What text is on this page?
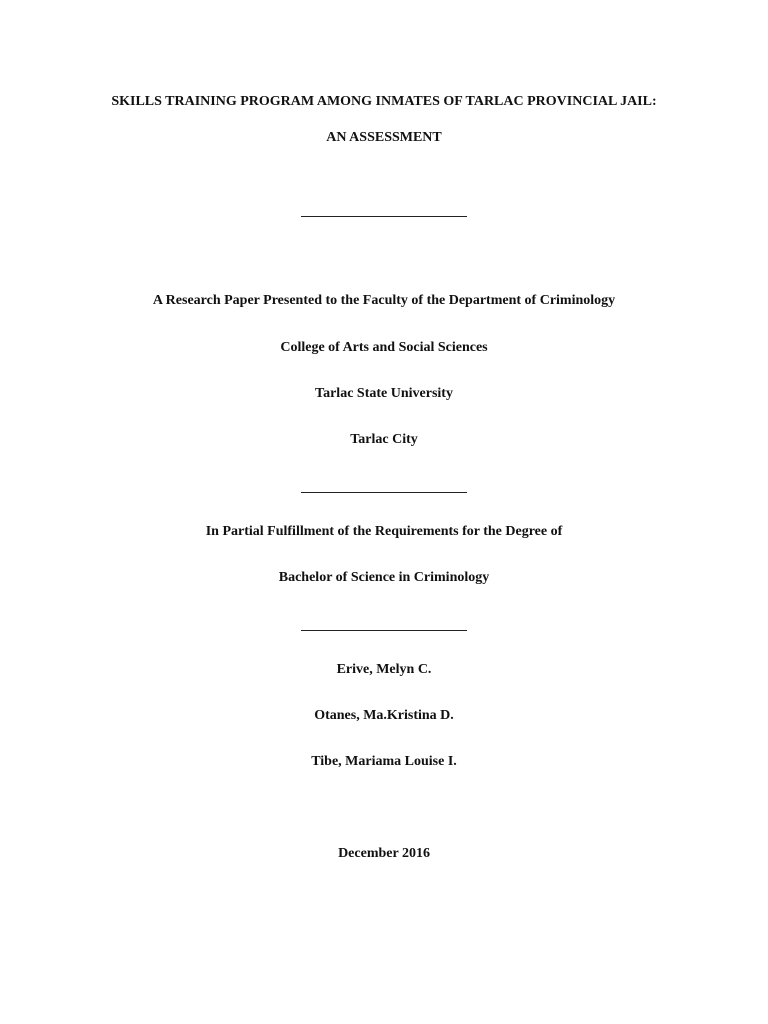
SKILLS TRAINING PROGRAM AMONG INMATES OF TARLAC PROVINCIAL JAIL:
AN ASSESSMENT
A Research Paper Presented to the Faculty of the Department of Criminology
College of Arts and Social Sciences
Tarlac State University
Tarlac City
In Partial Fulfillment of the Requirements for the Degree of
Bachelor of Science in Criminology
Erive, Melyn C.
Otanes, Ma.Kristina D.
Tibe, Mariama Louise I.
December 2016
